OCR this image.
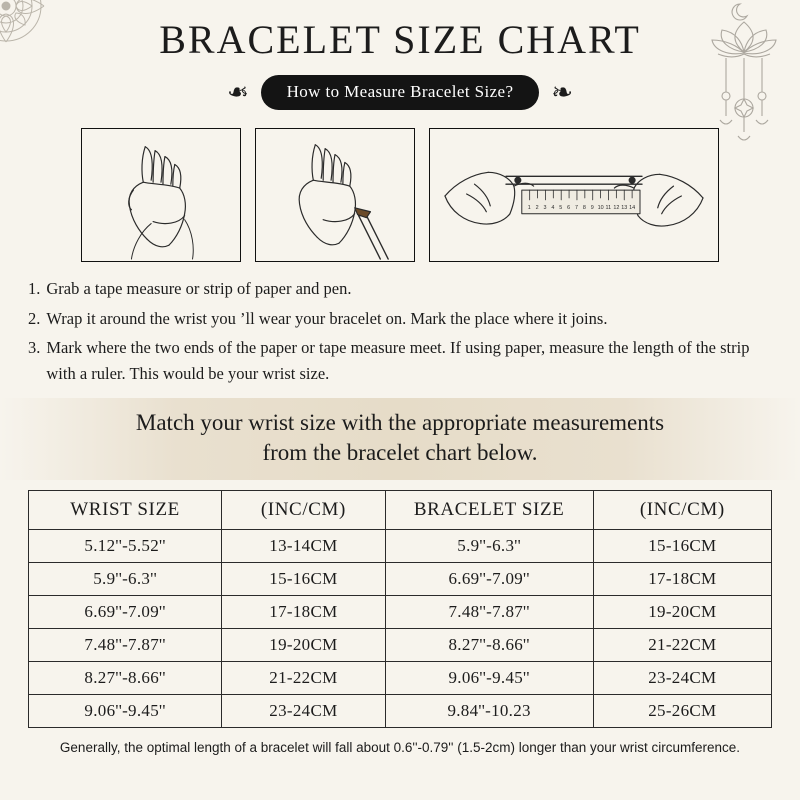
BRACELET SIZE CHART
❧	How to Measure Bracelet Size?	❧
1 2 3 4 5 6 7 8 9 10 11 12 13 14
1. Grab a tape measure or strip of paper and pen.
2. Wrap it around the wrist you ’ll wear your bracelet on. Mark the place where it joins.
3. Mark where the two ends of the paper or tape measure meet. If using paper, measure the length of the strip with a ruler. This would be your wrist size.
Match your wrist size with the appropriate measurements
from the bracelet chart below.
WRIST SIZE	(INC/CM)	BRACELET SIZE	(INC/CM)
5.12''-5.52''	13-14CM	5.9''-6.3''	15-16CM
5.9''-6.3''	15-16CM	6.69''-7.09''	17-18CM
6.69''-7.09''	17-18CM	7.48''-7.87''	19-20CM
7.48''-7.87''	19-20CM	8.27''-8.66''	21-22CM
8.27''-8.66''	21-22CM	9.06''-9.45''	23-24CM
9.06''-9.45''	23-24CM	9.84''-10.23	25-26CM
Generally, the optimal length of a bracelet will fall about 0.6''-0.79'' (1.5-2cm) longer than your wrist circumference.
